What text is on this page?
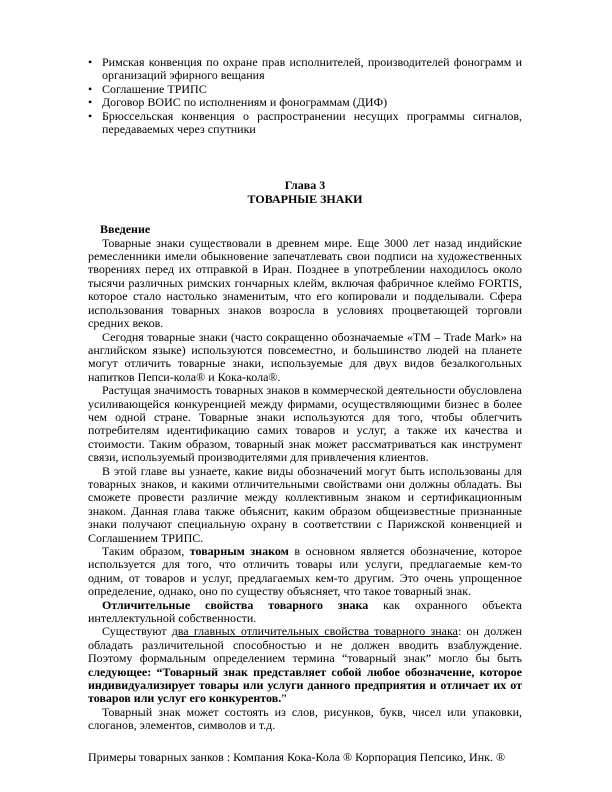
• Римская конвенция по охране прав исполнителей, производителей фонограмм и организаций эфирного вещания
• Соглашение ТРИПС
• Договор ВОИС по исполнениям и фонограммам (ДИФ)
• Брюссельская конвенция о распространении несущих программы сигналов, передаваемых через спутники
Глава 3
ТОВАРНЫЕ ЗНАКИ
Введение

Товарные знаки существовали в древнем мире. Еще 3000 лет назад индийские ремесленники имели обыкновение запечатлевать свои подписи на художественных творениях перед их отправкой в Иран. Позднее в употреблении находилось около тысячи различных римских гончарных клейм, включая фабричное клеймо FORTIS, которое стало настолько знаменитым, что его копировали и подделывали. Сфера использования товарных знаков возросла в условиях процветающей торговли средних веков.

Сегодня товарные знаки (часто сокращенно обозначаемые «TM – Trade Mark» на английском языке) используются повсеместно, и большинство людей на планете могут отличить товарные знаки, используемые для двух видов безалкогольных напитков Пепси-кола® и Кока-кола®.

Растущая значимость товарных знаков в коммерческой деятельности обусловлена усиливающейся конкуренцией между фирмами, осуществляющими бизнес в более чем одной стране. Товарные знаки используются для того, чтобы облегчить потребителям идентификацию самих товаров и услуг, а также их качества и стоимости. Таким образом, товарный знак может рассматриваться как инструмент связи, используемый производителями для привлечения клиентов.

В этой главе вы узнаете, какие виды обозначений могут быть использованы для товарных знаков, и какими отличительными свойствами они должны обладать. Вы сможете провести различие между коллективным знаком и сертификационным знаком. Данная глава также объяснит, каким образом общеизвестные признанные знаки получают специальную охрану в соответствии с Парижской конвенцией и Соглашением ТРИПС.

Таким образом, товарным знаком в основном является обозначение, которое используется для того, что отличить товары или услуги, предлагаемые кем-то одним, от товаров и услуг, предлагаемых кем-то другим. Это очень упрощенное определение, однако, оно по существу объясняет, что такое товарный знак.

Отличительные свойства товарного знака как охранного объекта интеллектульной собственности.

Существуют два главных отличительных свойства товарного знака: он должен обладать различительной способностью и не должен вводить взаблуждение. Поэтому формальным определением термина “товарный знак” могло бы быть следующее: “Товарный знак представляет собой любое обозначение, которое индивидуализирует товары или услуги данного предприятия и отличает их от товаров или услуг его конкурентов.”

Товарный знак может состоять из слов, рисунков, букв, чисел или упаковки, слоганов, элементов, символов и т.д.

Примеры товарных занков : Компания Кока-Кола ® Корпорация Пепсико, Инк. ®
